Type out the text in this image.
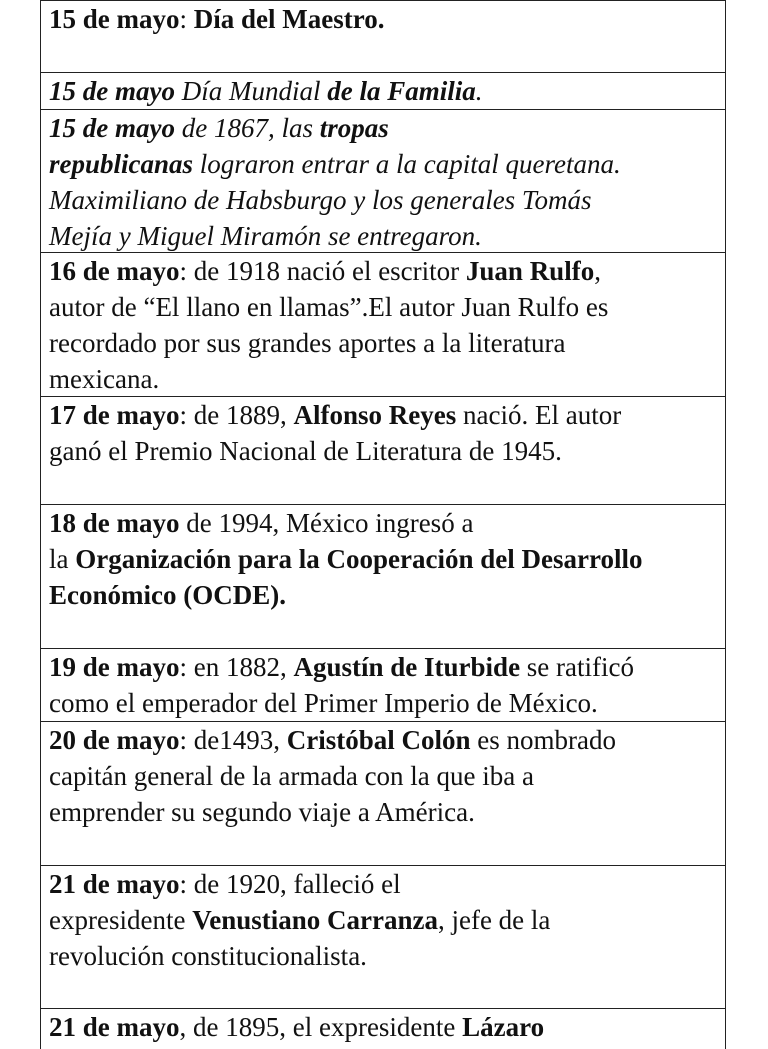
15 de mayo: Día del Maestro.

15 de mayo Día Mundial de la Familia.

15 de mayo de 1867, las tropas

republicanas lograron entrar a la capital queretana.

Maximiliano de Habsburgo y los generales Tomás

Mejía y Miguel Miramón se entregaron.

16 de mayo: de 1918 nació el escritor Juan Rulfo,

autor de “El llano en llamas”.El autor Juan Rulfo es

recordado por sus grandes aportes a la literatura

mexicana.

17 de mayo: de 1889, Alfonso Reyes nació. El autor

ganó el Premio Nacional de Literatura de 1945.

18 de mayo de 1994, México ingresó a

la Organización para la Cooperación del Desarrollo

Económico (OCDE).

19 de mayo: en 1882, Agustín de Iturbide se ratificó

como el emperador del Primer Imperio de México.

20 de mayo: de1493, Cristóbal Colón es nombrado

capitán general de la armada con la que iba a

emprender su segundo viaje a América.

21 de mayo: de 1920, falleció el

expresidente Venustiano Carranza, jefe de la

revolución constitucionalista.

21 de mayo, de 1895, el expresidente Lázaro
